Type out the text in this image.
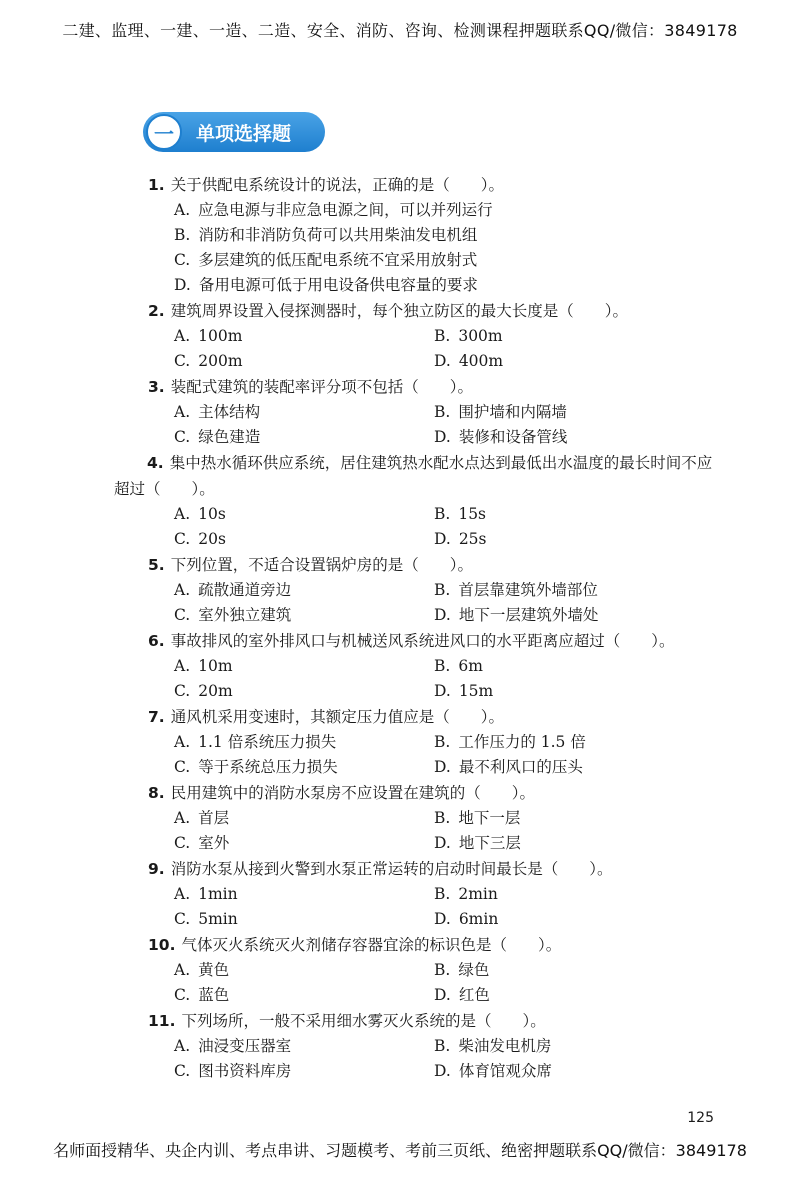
二建、监理、一建、一造、二造、安全、消防、咨询、检测课程押题联系QQ/微信：3849178
一	单项选择题
1. 关于供配电系统设计的说法，正确的是（　　）。
A. 应急电源与非应急电源之间，可以并列运行
B. 消防和非消防负荷可以共用柴油发电机组
C. 多层建筑的低压配电系统不宜采用放射式
D. 备用电源可低于用电设备供电容量的要求
2. 建筑周界设置入侵探测器时，每个独立防区的最大长度是（　　）。
A. 100m	B. 300m
C. 200m	D. 400m
3. 装配式建筑的装配率评分项不包括（　　）。
A. 主体结构	B. 围护墙和内隔墙
C. 绿色建造	D. 装修和设备管线
4. 集中热水循环供应系统，居住建筑热水配水点达到最低出水温度的最长时间不应超过（　　）。
A. 10s	B. 15s
C. 20s	D. 25s
5. 下列位置，不适合设置锅炉房的是（　　）。
A. 疏散通道旁边	B. 首层靠建筑外墙部位
C. 室外独立建筑	D. 地下一层建筑外墙处
6. 事故排风的室外排风口与机械送风系统进风口的水平距离应超过（　　）。
A. 10m	B. 6m
C. 20m	D. 15m
7. 通风机采用变速时，其额定压力值应是（　　）。
A. 1.1 倍系统压力损失	B. 工作压力的 1.5 倍
C. 等于系统总压力损失	D. 最不利风口的压头
8. 民用建筑中的消防水泵房不应设置在建筑的（　　）。
A. 首层	B. 地下一层
C. 室外	D. 地下三层
9. 消防水泵从接到火警到水泵正常运转的启动时间最长是（　　）。
A. 1min	B. 2min
C. 5min	D. 6min
10. 气体灭火系统灭火剂储存容器宜涂的标识色是（　　）。
A. 黄色	B. 绿色
C. 蓝色	D. 红色
11. 下列场所，一般不采用细水雾灭火系统的是（　　）。
A. 油浸变压器室	B. 柴油发电机房
C. 图书资料库房	D. 体育馆观众席
125
名师面授精华、央企内训、考点串讲、习题模考、考前三页纸、绝密押题联系QQ/微信：3849178
